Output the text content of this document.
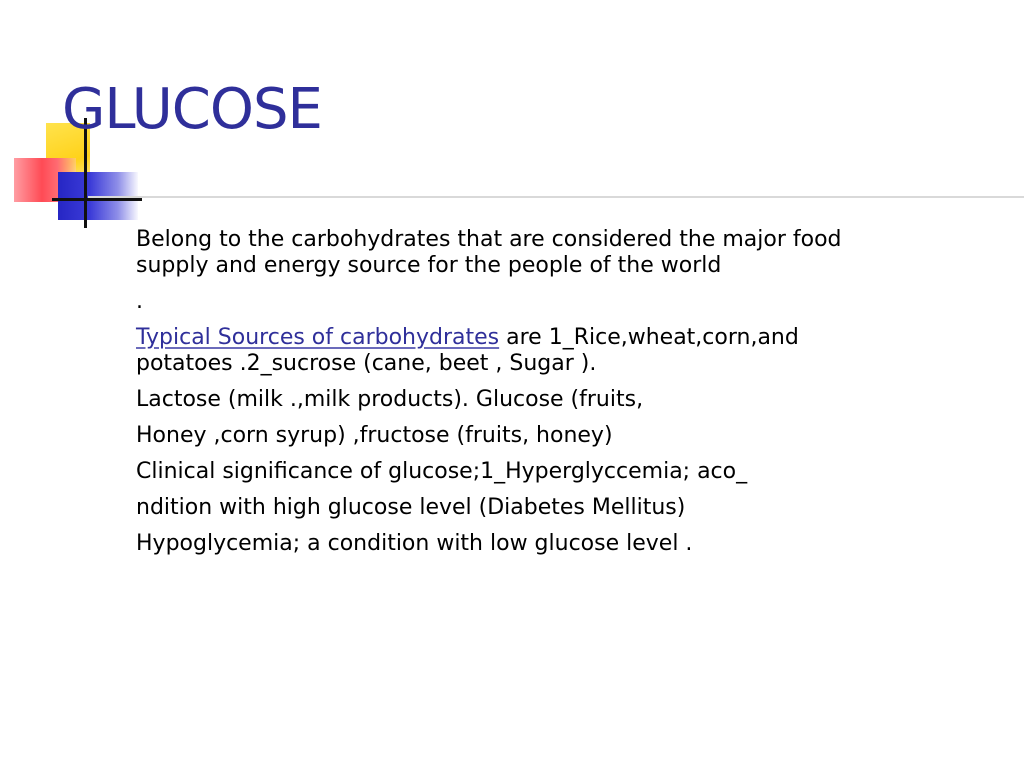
GLUCOSE

Belong to the carbohydrates that are considered the major food

supply and energy source for the people of the world

.

Typical Sources of carbohydrates are 1_Rice,wheat,corn,and

potatoes .2_sucrose (cane, beet , Sugar ).

Lactose (milk .,milk products). Glucose (fruits,

Honey ,corn syrup) ,fructose (fruits, honey)

Clinical significance of glucose;1_Hyperglyccemia; aco_

ndition with high glucose level (Diabetes Mellitus)

Hypoglycemia; a condition with low glucose level .
